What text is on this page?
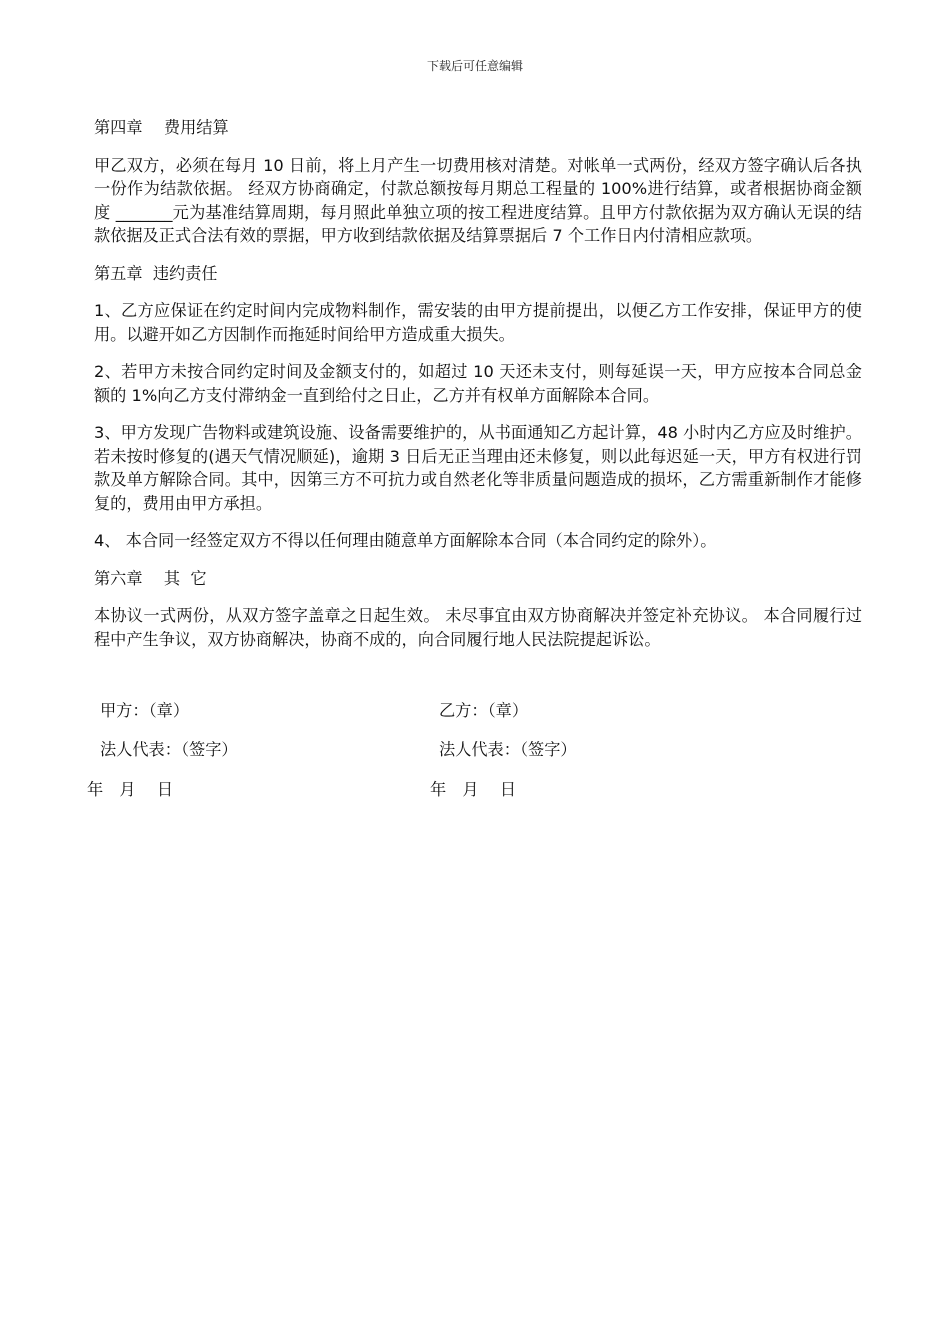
下载后可任意编辑
第四章　 费用结算
甲乙双方，必须在每月 10 日前，将上月产生一切费用核对清楚。对帐单一式两份，经双方签字确认后各执一份作为结款依据。 经双方协商确定，付款总额按每月期总工程量的 100%进行结算，或者根据协商金额度 _______元为基准结算周期，每月照此单独立项的按工程进度结算。且甲方付款依据为双方确认无误的结款依据及正式合法有效的票据，甲方收到结款依据及结算票据后 7 个工作日内付清相应款项。
第五章  违约责任
1、乙方应保证在约定时间内完成物料制作，需安装的由甲方提前提出，以便乙方工作安排，保证甲方的使用。以避开如乙方因制作而拖延时间给甲方造成重大损失。
2、若甲方未按合同约定时间及金额支付的，如超过 10 天还未支付，则每延误一天，甲方应按本合同总金额的 1%向乙方支付滞纳金一直到给付之日止，乙方并有权单方面解除本合同。
3、甲方发现广告物料或建筑设施、设备需要维护的，从书面通知乙方起计算，48 小时内乙方应及时维护。若未按时修复的(遇天气情况顺延)，逾期 3 日后无正当理由还未修复，则以此每迟延一天，甲方有权进行罚款及单方解除合同。其中，因第三方不可抗力或自然老化等非质量问题造成的损坏，乙方需重新制作才能修复的，费用由甲方承担。
4、 本合同一经签定双方不得以任何理由随意单方面解除本合同（本合同约定的除外）。
第六章　 其  它
本协议一式两份，从双方签字盖章之日起生效。 未尽事宜由双方协商解决并签定补充协议。 本合同履行过程中产生争议，双方协商解决，协商不成的，向合同履行地人民法院提起诉讼。
甲方：（章）	乙方：（章）
法人代表：（签字）	法人代表：（签字）
年　月　 日	年　月　 日
